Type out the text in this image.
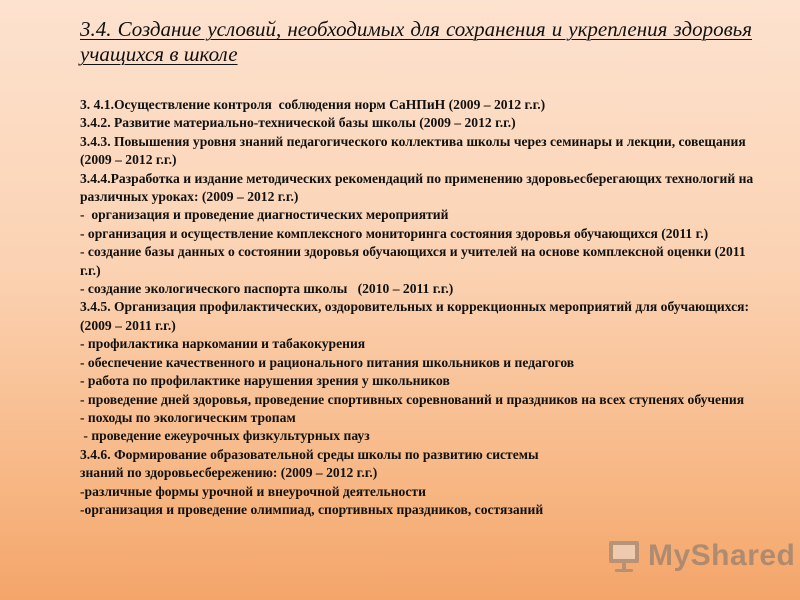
3.4. Создание условий, необходимых для сохранения и укрепления здоровья учащихся в школе
3. 4.1.Осуществление контроля  соблюдения норм СаНПиН (2009 – 2012 г.г.)
3.4.2. Развитие материально-технической базы школы (2009 – 2012 г.г.)
3.4.3. Повышения уровня знаний педагогического коллектива школы через семинары и лекции, совещания (2009 – 2012 г.г.)
3.4.4.Разработка и издание методических рекомендаций по применению здоровьесберегающих технологий на различных уроках: (2009 – 2012 г.г.)
-  организация и проведение диагностических мероприятий
- организация и осуществление комплексного мониторинга состояния здоровья обучающихся (2011 г.)
- создание базы данных о состоянии здоровья обучающихся и учителей на основе комплексной оценки (2011 г.г.)
- создание экологического паспорта школы   (2010 – 2011 г.г.)
3.4.5. Организация профилактических, оздоровительных и коррекционных мероприятий для обучающихся:  (2009 – 2011 г.г.)
- профилактика наркомании и табакокурения
- обеспечение качественного и рационального питания школьников и педагогов
- работа по профилактике нарушения зрения у школьников
- проведение дней здоровья, проведение спортивных соревнований и праздников на всех ступенях обучения
- походы по экологическим тропам
- проведение ежеурочных физкультурных пауз
3.4.6. Формирование образовательной среды школы по развитию системы
знаний по здоровьесбережению: (2009 – 2012 г.г.)
-различные формы урочной и внеурочной деятельности
-организация и проведение олимпиад, спортивных праздников, состязаний
MyShared
